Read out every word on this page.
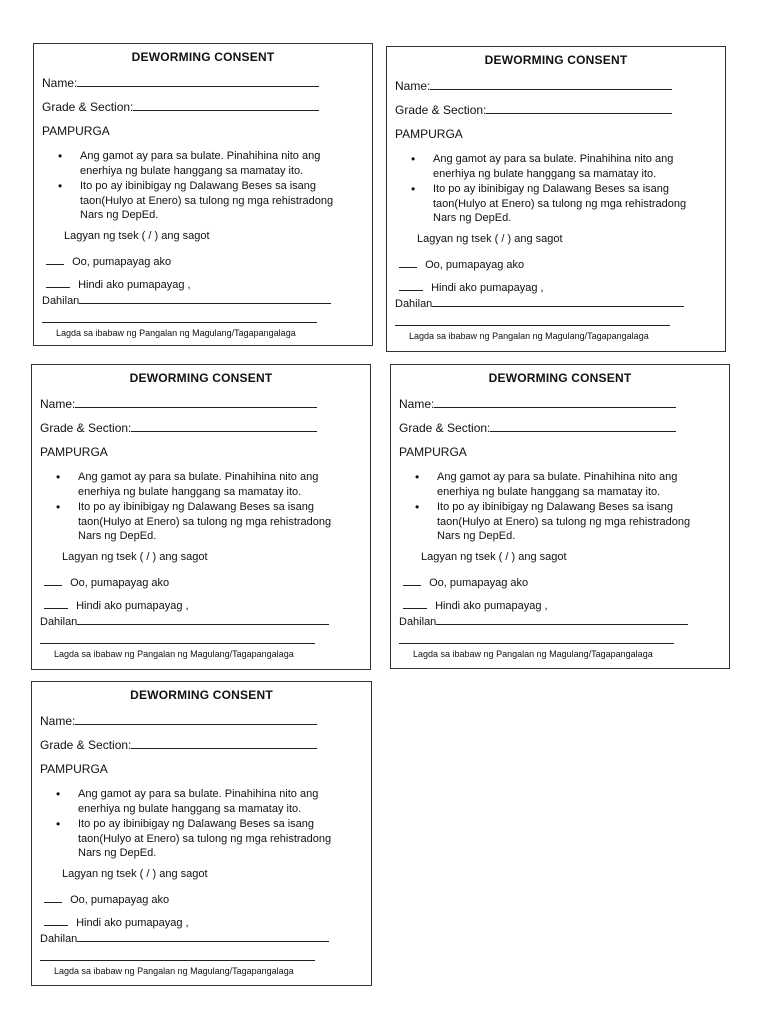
DEWORMING CONSENT
Name:
Grade & Section:
PAMPURGA
• Ang gamot ay para sa bulate. Pinahihina nito ang enerhiya ng bulate hanggang sa mamatay ito.
• Ito po ay ibinibigay ng Dalawang Beses sa isang taon(Hulyo at Enero) sa tulong ng mga rehistradong Nars ng DepEd.
Lagyan ng tsek ( / ) ang sagot
Oo, pumapayag ako
Hindi ako pumapayag ,
Dahilan
Lagda sa ibabaw ng Pangalan ng Magulang/Tagapangalaga
DEWORMING CONSENT
Name:
Grade & Section:
PAMPURGA
• Ang gamot ay para sa bulate. Pinahihina nito ang enerhiya ng bulate hanggang sa mamatay ito.
• Ito po ay ibinibigay ng Dalawang Beses sa isang taon(Hulyo at Enero) sa tulong ng mga rehistradong Nars ng DepEd.
Lagyan ng tsek ( / ) ang sagot
Oo, pumapayag ako
Hindi ako pumapayag ,
Dahilan
Lagda sa ibabaw ng Pangalan ng Magulang/Tagapangalaga
DEWORMING CONSENT
Name:
Grade & Section:
PAMPURGA
• Ang gamot ay para sa bulate. Pinahihina nito ang enerhiya ng bulate hanggang sa mamatay ito.
• Ito po ay ibinibigay ng Dalawang Beses sa isang taon(Hulyo at Enero) sa tulong ng mga rehistradong Nars ng DepEd.
Lagyan ng tsek ( / ) ang sagot
Oo, pumapayag ako
Hindi ako pumapayag ,
Dahilan
Lagda sa ibabaw ng Pangalan ng Magulang/Tagapangalaga
DEWORMING CONSENT
Name:
Grade & Section:
PAMPURGA
• Ang gamot ay para sa bulate. Pinahihina nito ang enerhiya ng bulate hanggang sa mamatay ito.
• Ito po ay ibinibigay ng Dalawang Beses sa isang taon(Hulyo at Enero) sa tulong ng mga rehistradong Nars ng DepEd.
Lagyan ng tsek ( / ) ang sagot
Oo, pumapayag ako
Hindi ako pumapayag ,
Dahilan
Lagda sa ibabaw ng Pangalan ng Magulang/Tagapangalaga
DEWORMING CONSENT
Name:
Grade & Section:
PAMPURGA
• Ang gamot ay para sa bulate. Pinahihina nito ang enerhiya ng bulate hanggang sa mamatay ito.
• Ito po ay ibinibigay ng Dalawang Beses sa isang taon(Hulyo at Enero) sa tulong ng mga rehistradong Nars ng DepEd.
Lagyan ng tsek ( / ) ang sagot
Oo, pumapayag ako
Hindi ako pumapayag ,
Dahilan
Lagda sa ibabaw ng Pangalan ng Magulang/Tagapangalaga
